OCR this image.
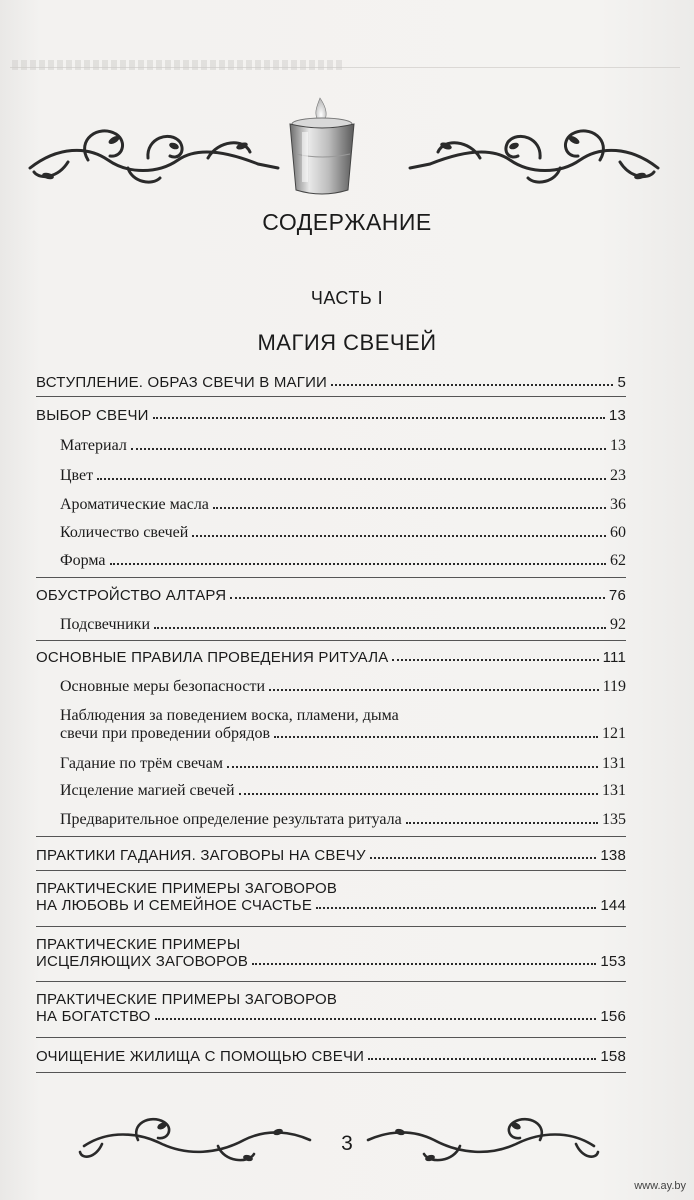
СОДЕРЖАНИЕ
ЧАСТЬ I
МАГИЯ СВЕЧЕЙ
ВСТУПЛЕНИЕ. ОБРАЗ СВЕЧИ В МАГИИ	5
ВЫБОР СВЕЧИ	13
Материал	13
Цвет	23
Ароматические масла	36
Количество свечей	60
Форма	62
ОБУСТРОЙСТВО АЛТАРЯ	76
Подсвечники	92
ОСНОВНЫЕ ПРАВИЛА ПРОВЕДЕНИЯ РИТУАЛА	111
Основные меры безопасности	119
Наблюдения за поведением воска, пламени, дыма
свечи при проведении обрядов	121
Гадание по трём свечам	131
Исцеление магией свечей	131
Предварительное определение результата ритуала	135
ПРАКТИКИ ГАДАНИЯ. ЗАГОВОРЫ НА СВЕЧУ	138
ПРАКТИЧЕСКИЕ ПРИМЕРЫ ЗАГОВОРОВ
НА ЛЮБОВЬ И СЕМЕЙНОЕ СЧАСТЬЕ	144
ПРАКТИЧЕСКИЕ ПРИМЕРЫ
ИСЦЕЛЯЮЩИХ ЗАГОВОРОВ	153
ПРАКТИЧЕСКИЕ ПРИМЕРЫ ЗАГОВОРОВ
НА БОГАТСТВО	156
ОЧИЩЕНИЕ ЖИЛИЩА С ПОМОЩЬЮ СВЕЧИ	158
3
www.ay.by
